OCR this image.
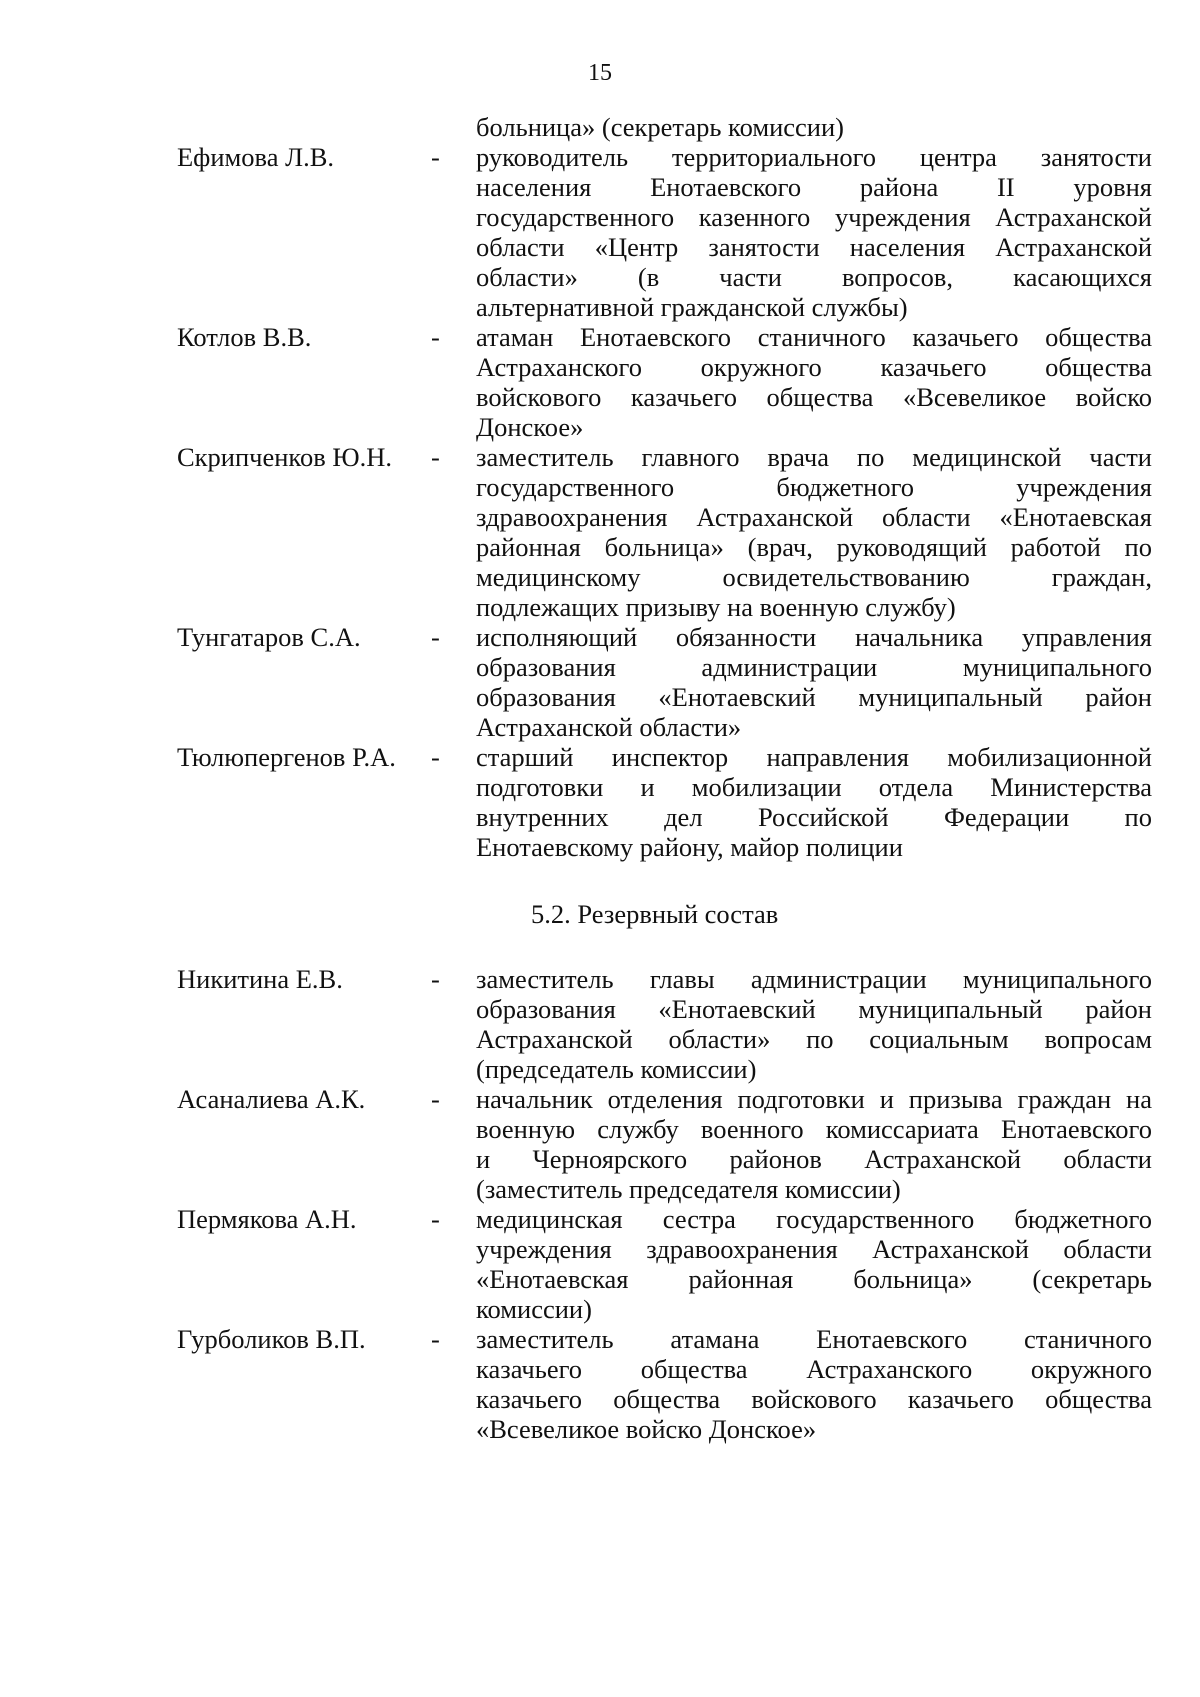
15
больница» (секретарь комиссии)
Ефимова Л.В.	- руководитель территориального центра занятости
населения Енотаевского района II уровня
государственного казенного учреждения Астраханской
области «Центр занятости населения Астраханской
области» (в части вопросов, касающихся
альтернативной гражданской службы)
Котлов В.В.	- атаман Енотаевского станичного казачьего общества
Астраханского окружного казачьего общества
войскового казачьего общества «Всевеликое войско
Донское»
Скрипченков Ю.Н. - заместитель главного врача по медицинской части
государственного бюджетного учреждения
здравоохранения Астраханской области «Енотаевская
районная больница» (врач, руководящий работой по
медицинскому освидетельствованию граждан,
подлежащих призыву на военную службу)
Тунгатаров С.А.	- исполняющий обязанности начальника управления
образования администрации муниципального
образования «Енотаевский муниципальный район
Астраханской области»
Тюлюпергенов Р.А. - старший инспектор направления мобилизационной
подготовки и мобилизации отдела Министерства
внутренних дел Российской Федерации по
Енотаевскому району, майор полиции
5.2. Резервный состав
Никитина Е.В.	- заместитель главы администрации муниципального
образования «Енотаевский муниципальный район
Астраханской области» по социальным вопросам
(председатель комиссии)
Асаналиева А.К. - начальник отделения подготовки и призыва граждан на
военную службу военного комиссариата Енотаевского
и Черноярского районов Астраханской области
(заместитель председателя комиссии)
Пермякова А.Н.	- медицинская сестра государственного бюджетного
учреждения здравоохранения Астраханской области
«Енотаевская районная больница» (секретарь
комиссии)
Гурболиков В.П. - заместитель атамана Енотаевского станичного
казачьего общества Астраханского окружного
казачьего общества войскового казачьего общества
«Всевеликое войско Донское»
